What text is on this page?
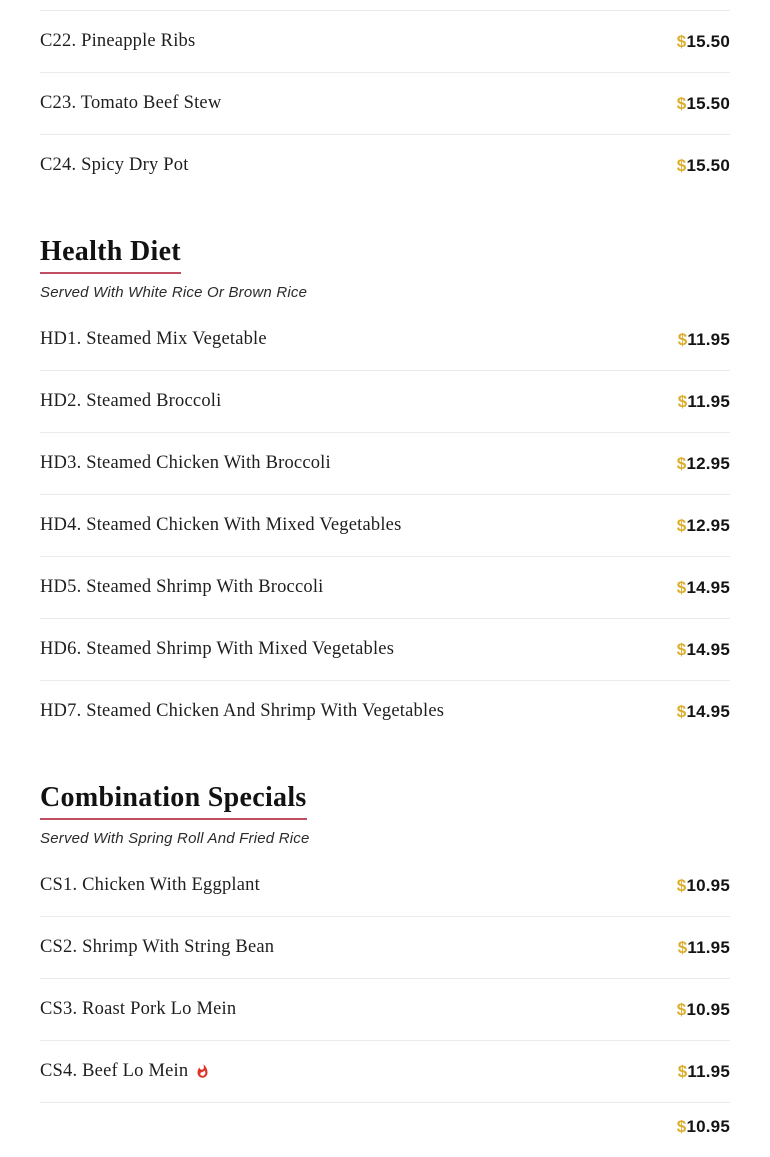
C22. Pineapple Ribs	$15.50
C23. Tomato Beef Stew	$15.50
C24. Spicy Dry Pot	$15.50
Health Diet
Served With White Rice Or Brown Rice
HD1. Steamed Mix Vegetable	$11.95
HD2. Steamed Broccoli	$11.95
HD3. Steamed Chicken With Broccoli	$12.95
HD4. Steamed Chicken With Mixed Vegetables	$12.95
HD5. Steamed Shrimp With Broccoli	$14.95
HD6. Steamed Shrimp With Mixed Vegetables	$14.95
HD7. Steamed Chicken And Shrimp With Vegetables	$14.95
Combination Specials
Served With Spring Roll And Fried Rice
CS1. Chicken With Eggplant	$10.95
CS2. Shrimp With String Bean	$11.95
CS3. Roast Pork Lo Mein	$10.95
CS4. Beef Lo Mein	$11.95
$10.95
